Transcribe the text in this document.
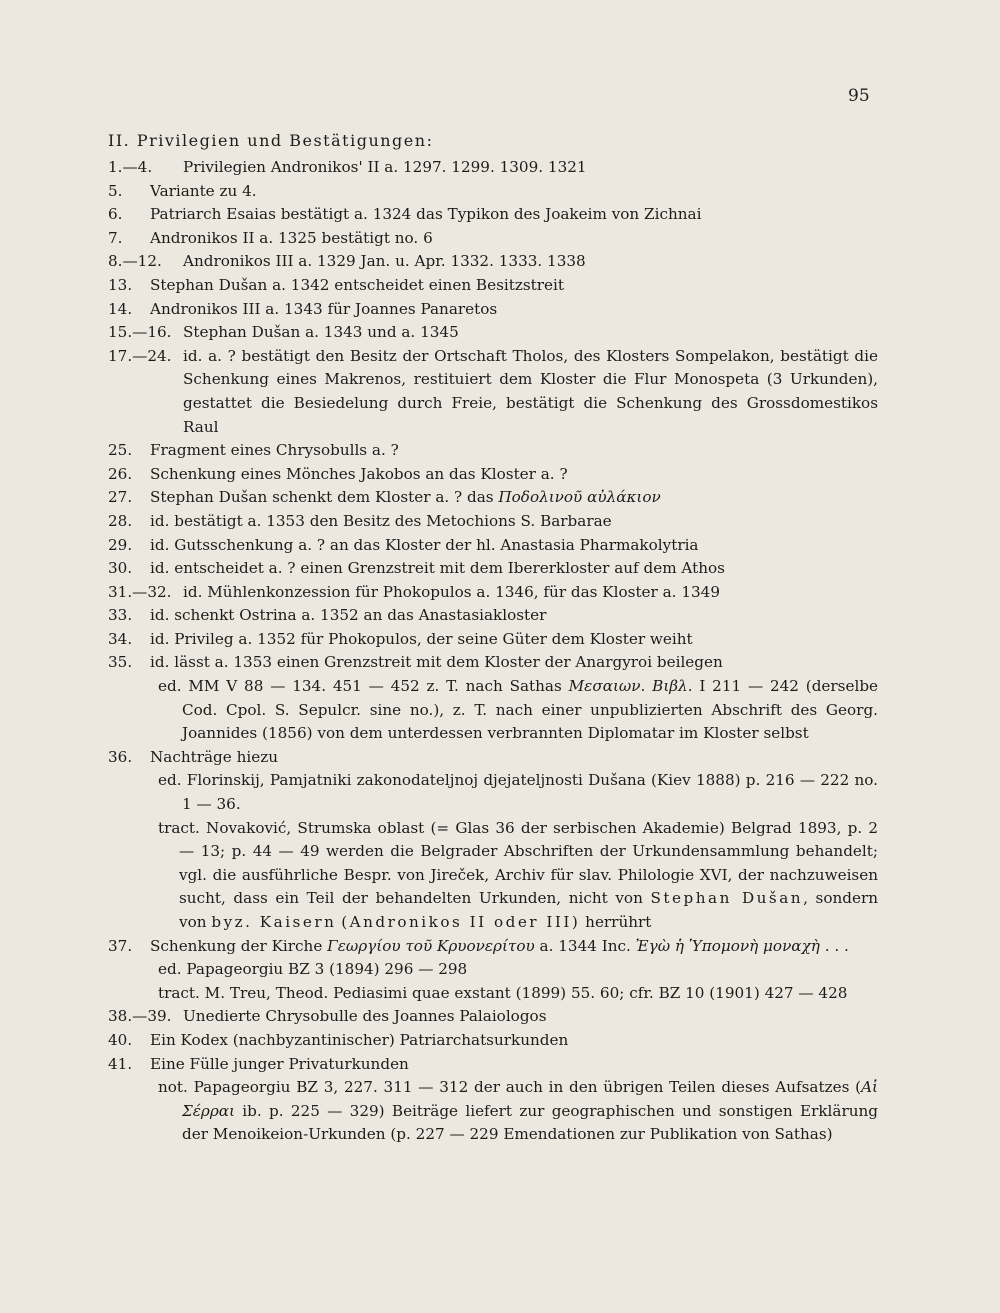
95
II. Privilegien und Bestätigungen:
1.—4.	Privilegien Andronikos' II a. 1297. 1299. 1309. 1321
5.	Variante zu 4.
6.	Patriarch Esaias bestätigt a. 1324 das Typikon des Joakeim von Zichnai
7.	Andronikos II a. 1325 bestätigt no. 6
8.—12.	Andronikos III a. 1329 Jan. u. Apr. 1332. 1333. 1338
13.	Stephan Dušan a. 1342 entscheidet einen Besitzstreit
14.	Andronikos III a. 1343 für Joannes Panaretos
15.—16. Stephan Dušan a. 1343 und a. 1345
17.—24. id. a. ? bestätigt den Besitz der Ortschaft Tholos, des Klosters Sompelakon, bestätigt die Schenkung eines Makrenos, restituiert dem Kloster die Flur Monospeta (3 Urkunden), gestattet die Besiedelung durch Freie, bestätigt die Schenkung des Grossdomestikos Raul
25.	Fragment eines Chrysobulls a. ?
26.	Schenkung eines Mönches Jakobos an das Kloster a. ?
27.	Stephan Dušan schenkt dem Kloster a. ? das Ποδολινοῦ αὐλάκιον
28.	id. bestätigt a. 1353 den Besitz des Metochions S. Barbarae
29.	id. Gutsschenkung a. ? an das Kloster der hl. Anastasia Pharmakolytria
30.	id. entscheidet a. ? einen Grenzstreit mit dem Ibererkloster auf dem Athos
31.—32. id. Mühlenkonzession für Phokopulos a. 1346, für das Kloster a. 1349
33.	id. schenkt Ostrina a. 1352 an das Anastasiakloster
34.	id. Privileg a. 1352 für Phokopulos, der seine Güter dem Kloster weiht
35.	id. lässt a. 1353 einen Grenzstreit mit dem Kloster der Anargyroi beilegen
ed. MM V 88 — 134. 451 — 452 z. T. nach Sathas Μεσαιων. Βιβλ. I 211 — 242 (derselbe Cod. Cpol. S. Sepulcr. sine no.), z. T. nach einer unpublizierten Abschrift des Georg. Joannides (1856) von dem unterdessen verbrannten Diplomatar im Kloster selbst
36.	Nachträge hiezu
ed. Florinskij, Pamjatniki zakonodateljnoj djejateljnosti Dušana (Kiev 1888) p. 216 — 222 no. 1 — 36.
tract. Novaković, Strumska oblast (= Glas 36 der serbischen Akademie) Belgrad 1893, p. 2 — 13; p. 44 — 49 werden die Belgrader Abschriften der Urkundensammlung behandelt; vgl. die ausführliche Bespr. von Jireček, Archiv für slav. Philologie XVI, der nachzuweisen sucht, dass ein Teil der behandelten Urkunden, nicht von Stephan Dušan, sondern von byz. Kaisern (Andronikos II oder III) herrührt
37.	Schenkung der Kirche Γεωργίου τοῦ Κρυονερίτου a. 1344 Inc. Ἐγὼ ἡ Ὑπομονὴ μοναχὴ . . .
ed. Papageorgiu BZ 3 (1894) 296 — 298
tract. M. Treu, Theod. Pediasimi quae exstant (1899) 55. 60; cfr. BZ 10 (1901) 427 — 428
38.—39. Unedierte Chrysobulle des Joannes Palaiologos
40.	Ein Kodex (nachbyzantinischer) Patriarchatsurkunden
41.	Eine Fülle junger Privaturkunden
not. Papageorgiu BZ 3, 227. 311 — 312 der auch in den übrigen Teilen dieses Aufsatzes (Αἱ Σέρραι ib. p. 225 — 329) Beiträge liefert zur geographischen und sonstigen Erklärung der Menoikeion-Urkunden (p. 227 — 229 Emendationen zur Publikation von Sathas)
